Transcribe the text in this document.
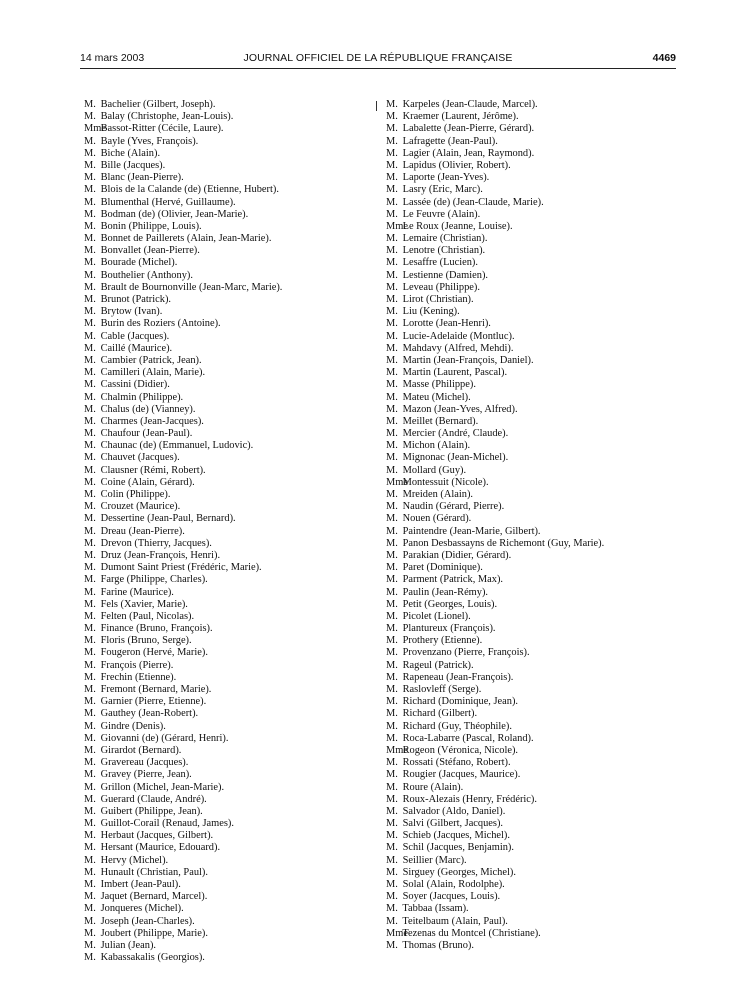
14 mars 2003	JOURNAL OFFICIEL DE LA RÉPUBLIQUE FRANÇAISE	4469
M. Bachelier (Gilbert, Joseph).
M. Balay (Christophe, Jean-Louis).
Mme Bassot-Ritter (Cécile, Laure).
M. Bayle (Yves, François).
M. Biche (Alain).
M. Bille (Jacques).
M. Blanc (Jean-Pierre).
M. Blois de la Calande (de) (Etienne, Hubert).
M. Blumenthal (Hervé, Guillaume).
M. Bodman (de) (Olivier, Jean-Marie).
M. Bonin (Philippe, Louis).
M. Bonnet de Paillerets (Alain, Jean-Marie).
M. Bonvallet (Jean-Pierre).
M. Bourade (Michel).
M. Bouthelier (Anthony).
M. Brault de Bournonville (Jean-Marc, Marie).
M. Brunot (Patrick).
M. Brytow (Ivan).
M. Burin des Roziers (Antoine).
M. Cable (Jacques).
M. Caillé (Maurice).
M. Cambier (Patrick, Jean).
M. Camilleri (Alain, Marie).
M. Cassini (Didier).
M. Chalmin (Philippe).
M. Chalus (de) (Vianney).
M. Charmes (Jean-Jacques).
M. Chaufour (Jean-Paul).
M. Chaunac (de) (Emmanuel, Ludovic).
M. Chauvet (Jacques).
M. Clausner (Rémi, Robert).
M. Coine (Alain, Gérard).
M. Colin (Philippe).
M. Crouzet (Maurice).
M. Dessertine (Jean-Paul, Bernard).
M. Dreau (Jean-Pierre).
M. Drevon (Thierry, Jacques).
M. Druz (Jean-François, Henri).
M. Dumont Saint Priest (Frédéric, Marie).
M. Farge (Philippe, Charles).
M. Farine (Maurice).
M. Fels (Xavier, Marie).
M. Felten (Paul, Nicolas).
M. Finance (Bruno, François).
M. Floris (Bruno, Serge).
M. Fougeron (Hervé, Marie).
M. François (Pierre).
M. Frechin (Etienne).
M. Fremont (Bernard, Marie).
M. Garnier (Pierre, Etienne).
M. Gauthey (Jean-Robert).
M. Gindre (Denis).
M. Giovanni (de) (Gérard, Henri).
M. Girardot (Bernard).
M. Gravereau (Jacques).
M. Gravey (Pierre, Jean).
M. Grillon (Michel, Jean-Marie).
M. Guerard (Claude, André).
M. Guibert (Philippe, Jean).
M. Guillot-Corail (Renaud, James).
M. Herbaut (Jacques, Gilbert).
M. Hersant (Maurice, Edouard).
M. Hervy (Michel).
M. Hunault (Christian, Paul).
M. Imbert (Jean-Paul).
M. Jaquet (Bernard, Marcel).
M. Jonqueres (Michel).
M. Joseph (Jean-Charles).
M. Joubert (Philippe, Marie).
M. Julian (Jean).
M. Kabassakalis (Georgios).
M. Karpeles (Jean-Claude, Marcel).
M. Kraemer (Laurent, Jérôme).
M. Labalette (Jean-Pierre, Gérard).
M. Lafragette (Jean-Paul).
M. Lagier (Alain, Jean, Raymond).
M. Lapidus (Olivier, Robert).
M. Laporte (Jean-Yves).
M. Lasry (Eric, Marc).
M. Lassée (de) (Jean-Claude, Marie).
M. Le Feuvre (Alain).
Mme Le Roux (Jeanne, Louise).
M. Lemaire (Christian).
M. Lenotre (Christian).
M. Lesaffre (Lucien).
M. Lestienne (Damien).
M. Leveau (Philippe).
M. Lirot (Christian).
M. Liu (Kening).
M. Lorotte (Jean-Henri).
M. Lucie-Adelaide (Montluc).
M. Mahdavy (Alfred, Mehdi).
M. Martin (Jean-François, Daniel).
M. Martin (Laurent, Pascal).
M. Masse (Philippe).
M. Mateu (Michel).
M. Mazon (Jean-Yves, Alfred).
M. Meillet (Bernard).
M. Mercier (André, Claude).
M. Michon (Alain).
M. Mignonac (Jean-Michel).
M. Mollard (Guy).
Mme Montessuit (Nicole).
M. Mreiden (Alain).
M. Naudin (Gérard, Pierre).
M. Nouen (Gérard).
M. Paintendre (Jean-Marie, Gilbert).
M. Panon Desbassayns de Richemont (Guy, Marie).
M. Parakian (Didier, Gérard).
M. Paret (Dominique).
M. Parment (Patrick, Max).
M. Paulin (Jean-Rémy).
M. Petit (Georges, Louis).
M. Picolet (Lionel).
M. Plantureux (François).
M. Prothery (Etienne).
M. Provenzano (Pierre, François).
M. Rageul (Patrick).
M. Rapeneau (Jean-François).
M. Raslovleff (Serge).
M. Richard (Dominique, Jean).
M. Richard (Gilbert).
M. Richard (Guy, Théophile).
M. Roca-Labarre (Pascal, Roland).
Mme Rogeon (Véronica, Nicole).
M. Rossati (Stéfano, Robert).
M. Rougier (Jacques, Maurice).
M. Roure (Alain).
M. Roux-Alezais (Henry, Frédéric).
M. Salvador (Aldo, Daniel).
M. Salvi (Gilbert, Jacques).
M. Schieb (Jacques, Michel).
M. Schil (Jacques, Benjamin).
M. Seillier (Marc).
M. Sirguey (Georges, Michel).
M. Solal (Alain, Rodolphe).
M. Soyer (Jacques, Louis).
M. Tabbaa (Issam).
M. Teitelbaum (Alain, Paul).
Mme Tezenas du Montcel (Christiane).
M. Thomas (Bruno).
